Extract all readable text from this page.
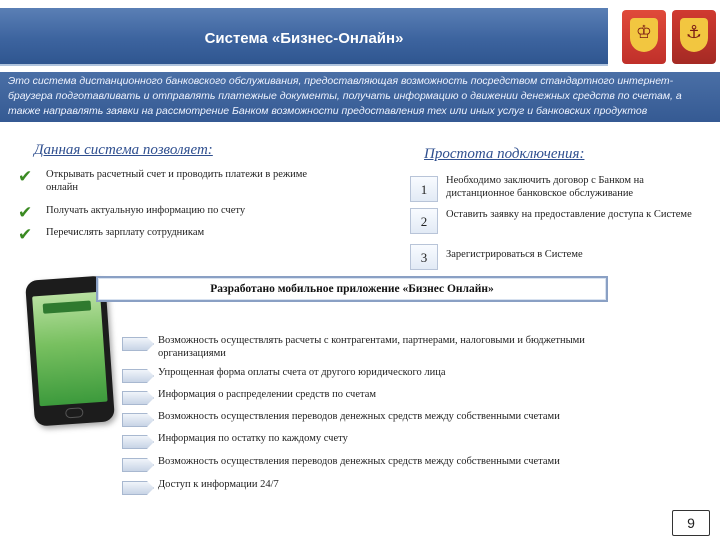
Система «Бизнес-Онлайн»	♔	⚓
Это система дистанционного банковского обслуживания, предоставляющая возможность посредством стандартного интернет-браузера подготавливать и отправлять платежные документы, получать информацию о движении денежных средств по счетам, а также направлять заявки на рассмотрение Банком возможности предоставления тех или иных услуг и банковских продуктов
Данная система позволяет:	Простота подключения:
✔	Открывать расчетный счет и проводить платежи в режиме онлайн
✔	Получать актуальную информацию по счету
✔	Перечислять зарплату сотрудникам
1
Необходимо заключить договор с Банком на дистанционное банковское обслуживание
2	Оставить заявку на предоставление доступа к Системе
3	Зарегистрироваться в Системе
Разработано мобильное приложение «Бизнес Онлайн»
Возможность осуществлять расчеты с контрагентами, партнерами, налоговыми и бюджетными организациями
Упрощенная форма оплаты счета от другого юридического лица
Информация о распределении средств по счетам
Возможность осуществления переводов денежных средств между собственными счетами
Информация по остатку по каждому счету
Возможность осуществления переводов денежных средств между собственными счетами
Доступ к информации 24/7
9
